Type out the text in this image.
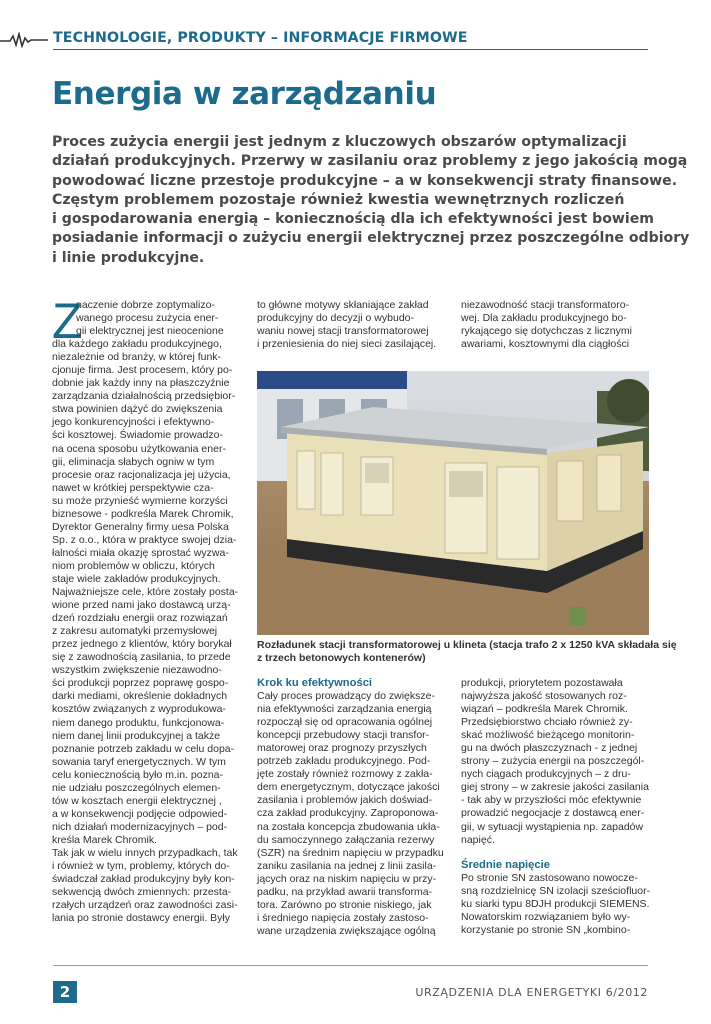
TECHNOLOGIE, PRODUKTY – INFORMACJE FIRMOWE
Energia w zarządzaniu
Proces zużycia energii jest jednym z kluczowych obszarów optymalizacji
działań produkcyjnych. Przerwy w zasilaniu oraz problemy z jego jakością mogą
powodować liczne przestoje produkcyjne – a w konsekwencji straty finansowe.
Częstym problemem pozostaje również kwestia wewnętrznych rozliczeń
i gospodarowania energią – koniecznością dla ich efektywności jest bowiem
posiadanie informacji o zużyciu energii elektrycznej przez poszczególne odbiory
i linie produkcyjne.
Z
naczenie dobrze zoptymalizo-
wanego procesu zużycia ener-
gii elektrycznej jest nieocenione
dla każdego zakładu produkcyjnego,
niezależnie od branży, w której funk-
cjonuje firma. Jest procesem, który po-
dobnie jak każdy inny na płaszczyźnie
zarządzania działalnością przedsiębior-
stwa powinien dążyć do zwiększenia
jego konkurencyjności i efektywno-
ści kosztowej. Świadomie prowadzo-
na ocena sposobu użytkowania ener-
gii, eliminacja słabych ogniw w tym
procesie oraz racjonalizacja jej użycia,
nawet w krótkiej perspektywie cza-
su może przynieść wymierne korzyści
biznesowe - podkreśla Marek Chromik,
Dyrektor Generalny firmy uesa Polska
Sp. z o.o., która w praktyce swojej dzia-
łalności miała okazję sprostać wyzwa-
niom problemów w obliczu, których
staje wiele zakładów produkcyjnych.
Najważniejsze cele, które zostały posta-
wione przed nami jako dostawcą urzą-
dzeń rozdziału energii oraz rozwiązań
z zakresu automatyki przemysłowej
przez jednego z klientów, który borykał
się z zawodnością zasilania, to przede
wszystkim zwiększenie niezawodno-
ści produkcji poprzez poprawę gospo-
darki mediami, określenie dokładnych
kosztów związanych z wyprodukowa-
niem danego produktu, funkcjonowa-
niem danej linii produkcyjnej a także
poznanie potrzeb zakładu w celu dopa-
sowania taryf energetycznych. W tym
celu koniecznością było m.in. pozna-
nie udziału poszczególnych elemen-
tów w kosztach energii elektrycznej ,
a w konsekwencji podjęcie odpowied-
nich działań modernizacyjnych – pod-
kreśla Marek Chromik.
Tak jak w wielu innych przypadkach, tak
i również w tym, problemy, których do-
świadczał zakład produkcyjny były kon-
sekwencją dwóch zmiennych: przesta-
rzałych urządzeń oraz zawodności zasi-
lania po stronie dostawcy energii. Były
to główne motywy skłaniające zakład
produkcyjny do decyzji o wybudo-
waniu nowej stacji transformatorowej
i przeniesienia do niej sieci zasilającej.
niezawodność stacji transformatoro-
wej. Dla zakładu produkcyjnego bo-
rykającego się dotychczas z licznymi
awariami, kosztownymi dla ciągłości
Rozładunek stacji transformatorowej u klineta (stacja trafo 2 x 1250 kVA składała się
z trzech betonowych kontenerów)
Krok ku efektywności
Cały proces prowadzący do zwiększe-
nia efektywności zarządzania energią
rozpoczął się od opracowania ogólnej
koncepcji przebudowy stacji transfor-
matorowej oraz prognozy przyszłych
potrzeb zakładu produkcyjnego. Pod-
jęte zostały również rozmowy z zakła-
dem energetycznym, dotyczące jakości
zasilania i problemów jakich doświad-
cza zakład produkcyjny. Zaproponowa-
na została koncepcja zbudowania ukła-
du samoczynnego załączania rezerwy
(SZR) na średnim napięciu w przypadku
zaniku zasilania na jednej z linii zasila-
jących oraz na niskim napięciu w przy-
padku, na przykład awarii transforma-
tora. Zarówno po stronie niskiego, jak
i średniego napięcia zostały zastoso-
wane urządzenia zwiększające ogólną
produkcji, priorytetem pozostawała
najwyższa jakość stosowanych roz-
wiązań – podkreśla Marek Chromik.
Przedsiębiorstwo chciało również zy-
skać możliwość bieżącego monitorin-
gu na dwóch płaszczyznach - z jednej
strony – zużycia energii na poszczegól-
nych ciągach produkcyjnych – z dru-
giej strony – w zakresie jakości zasilania
- tak aby w przyszłości móc efektywnie
prowadzić negocjacje z dostawcą ener-
gii, w sytuacji wystąpienia np. zapadów
napięć.
Średnie napięcie
Po stronie SN zastosowano nowocze-
sną rozdzielnicę SN izolacji sześciofluor-
ku siarki typu 8DJH produkcji SIEMENS.
Nowatorskim rozwiązaniem było wy-
korzystanie po stronie SN „kombino-
2	URZĄDZENIA DLA ENERGETYKI 6/2012
